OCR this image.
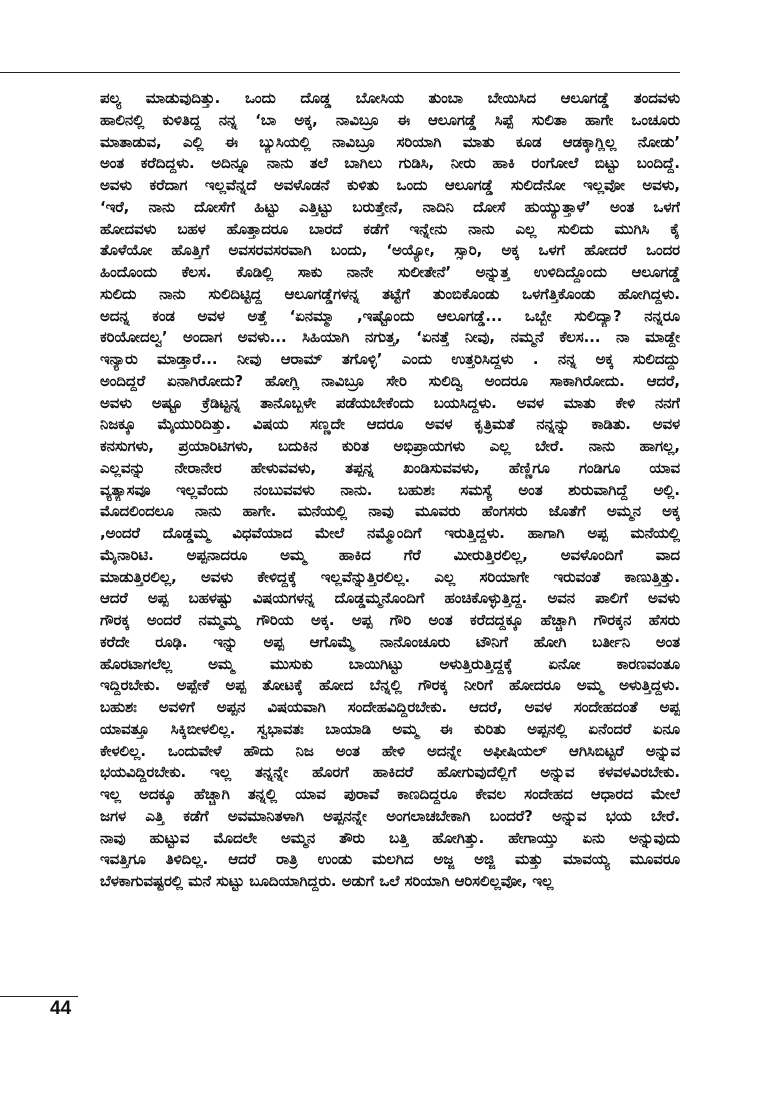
ಪಲ್ಯ ಮಾಡುವುದಿತ್ತು. ಒಂದು ದೊಡ್ಡ ಬೋಸಿಯ ತುಂಬಾ ಬೇಯಿಸಿದ ಆಲೂಗಡ್ಡೆ ತಂದವಳು
ಹಾಲಿನಲ್ಲಿ ಕುಳಿತಿದ್ದ ನನ್ನ ‘ಬಾ ಅಕ್ಕ, ನಾವಿಬ್ರೂ ಈ ಆಲೂಗಡ್ಡೆ ಸಿಪ್ಪೆ ಸುಲಿತಾ ಹಾಗೇ ಒಂಚೂರು
ಮಾತಾಡುವ, ಎಲ್ಲಿ ಈ ಬ್ಯುಸಿಯಲ್ಲಿ ನಾವಿಬ್ರೂ ಸರಿಯಾಗಿ ಮಾತು ಕೂಡ ಆಡಕ್ಕಾಗ್ಲಿಲ್ಲ ನೋಡು’
ಅಂತ ಕರೆದಿದ್ದಳು. ಅದಿನ್ನೂ ನಾನು ತಲೆ ಬಾಗಿಲು ಗುಡಿಸಿ, ನೀರು ಹಾಕಿ ರಂಗೋಲೆ ಬಿಟ್ಟು ಬಂದಿದ್ದೆ.
ಅವಳು ಕರೆದಾಗ ಇಲ್ಲವೆನ್ನದೆ ಅವಳೊಡನೆ ಕುಳಿತು ಒಂದು ಆಲೂಗಡ್ಡೆ ಸುಲಿದೆನೋ ಇಲ್ಲವೋ ಅವಳು,
‘ಇರೆ, ನಾನು ದೋಸೆಗೆ ಹಿಟ್ಟು ಎತ್ತಿಟ್ಟು ಬರುತ್ತೇನೆ, ನಾದಿನಿ ದೋಸೆ ಹುಯ್ಯುತ್ತಾಳೆ’ ಅಂತ ಒಳಗೆ
ಹೋದವಳು ಬಹಳ ಹೊತ್ತಾದರೂ ಬಾರದೆ ಕಡೆಗೆ ಇನ್ನೇನು ನಾನು ಎಲ್ಲ ಸುಲಿದು ಮುಗಿಸಿ ಕೈ
ತೊಳೆಯೋ ಹೊತ್ತಿಗೆ ಅವಸರವಸರವಾಗಿ ಬಂದು, ‘ಅಯ್ಯೋ, ಸ್ಸಾರಿ, ಅಕ್ಕ ಒಳಗೆ ಹೋದರೆ ಒಂದರ
ಹಿಂದೊಂದು ಕೆಲಸ. ಕೊಡಿಲ್ಲಿ ಸಾಕು ನಾನೇ ಸುಲೀತೇನೆ’ ಅನ್ನುತ್ತ ಉಳಿದಿದ್ದೊಂದು ಆಲೂಗಡ್ಡೆ
ಸುಲಿದು ನಾನು ಸುಲಿದಿಟ್ಟಿದ್ದ ಆಲೂಗಡ್ಡೆಗಳನ್ನ ತಟ್ಟೆಗೆ ತುಂಬಿಕೊಂಡು ಒಳಗೆತ್ತಿಕೊಂಡು ಹೋಗಿದ್ದಳು.
ಅದನ್ನ ಕಂಡ ಅವಳ ಅತ್ತೆ ‘ಏನಮ್ಮಾ ,ಇಷ್ಟೊಂದು ಆಲೂಗಡ್ಡೆ... ಒಬ್ಬೇ ಸುಲಿದ್ಯಾ? ನನ್ನರೂ
ಕರಿಯೋದಲ್ವ’ ಅಂದಾಗ ಅವಳು... ಸಿಹಿಯಾಗಿ ನಗುತ್ತ, ‘ಏನತ್ತೆ ನೀವು, ನಮ್ಮನೆ ಕೆಲಸ... ನಾ ಮಾಡ್ದೇ
ಇನ್ಯಾರು ಮಾಡ್ತಾರೆ... ನೀವು ಆರಾಮ್ ತಗೊಳ್ಳಿ’ ಎಂದು ಉತ್ತರಿಸಿದ್ದಳು . ನನ್ನ ಅಕ್ಕ ಸುಲಿದದ್ದು
ಅಂದಿದ್ದರೆ ಏನಾಗಿರೋದು? ಹೋಗ್ಲಿ ನಾವಿಬ್ರೂ ಸೇರಿ ಸುಲಿದ್ವಿ ಅಂದರೂ ಸಾಕಾಗಿರೋದು. ಆದರೆ,
ಅವಳು ಅಷ್ಟೂ ಕ್ರೆಡಿಟ್ಟನ್ನ ತಾನೊಬ್ಬಳೇ ಪಡೆಯಬೇಕೆಂದು ಬಯಸಿದ್ದಳು. ಅವಳ ಮಾತು ಕೇಳಿ ನನಗೆ
ನಿಜಕ್ಕೂ ಮೈಯುರಿದಿತ್ತು. ವಿಷಯ ಸಣ್ಣದೇ ಆದರೂ ಅವಳ ಕೃತ್ರಿಮತೆ ನನ್ನನ್ನು ಕಾಡಿತು. ಅವಳ
ಕನಸುಗಳು, ಪ್ರಯಾರಿಟಿಗಳು, ಬದುಕಿನ ಕುರಿತ ಅಭಿಪ್ರಾಯಗಳು ಎಲ್ಲ ಬೇರೆ. ನಾನು ಹಾಗಲ್ಲ,
ಎಲ್ಲವನ್ನು ನೇರಾನೇರ ಹೇಳುವವಳು, ತಪ್ಪನ್ನ ಖಂಡಿಸುವವಳು, ಹೆಣ್ಣಿಗೂ ಗಂಡಿಗೂ ಯಾವ
ವ್ಯತ್ಯಾಸವೂ ಇಲ್ಲವೆಂದು ನಂಬುವವಳು ನಾನು. ಬಹುಶಃ ಸಮಸ್ಯೆ ಅಂತ ಶುರುವಾಗಿದ್ದೆ ಅಲ್ಲಿ.
ಮೊದಲಿಂದಲೂ ನಾನು ಹಾಗೇ. ಮನೆಯಲ್ಲಿ ನಾವು ಮೂವರು ಹೆಂಗಸರು ಜೊತೆಗೆ ಅಮ್ಮನ ಅಕ್ಕ
,ಅಂದರೆ ದೊಡ್ಡಮ್ಮ ವಿಧವೆಯಾದ ಮೇಲೆ ನಮ್ಮೊಂದಿಗೆ ಇರುತ್ತಿದ್ದಳು. ಹಾಗಾಗಿ ಅಪ್ಪ ಮನೆಯಲ್ಲಿ
ಮೈನಾರಿಟಿ. ಅಪ್ಪನಾದರೂ ಅಮ್ಮ ಹಾಕಿದ ಗೆರೆ ಮೀರುತ್ತಿರಲಿಲ್ಲ, ಅವಳೊಂದಿಗೆ ವಾದ
ಮಾಡುತ್ತಿರಲಿಲ್ಲ, ಅವಳು ಕೇಳಿದ್ದಕ್ಕೆ ಇಲ್ಲವೆನ್ನುತ್ತಿರಲಿಲ್ಲ. ಎಲ್ಲ ಸರಿಯಾಗೇ ಇರುವಂತೆ ಕಾಣುತ್ತಿತ್ತು.
ಆದರೆ ಅಪ್ಪ ಬಹಳಷ್ಟು ವಿಷಯಗಳನ್ನ ದೊಡ್ಡಮ್ಮನೊಂದಿಗೆ ಹಂಚಿಕೊಳ್ಳುತ್ತಿದ್ದ. ಅವನ ಪಾಲಿಗೆ ಅವಳು
ಗೌರಕ್ಕ ಅಂದರೆ ನಮ್ಮಮ್ಮ ಗೌರಿಯ ಅಕ್ಕ. ಅಪ್ಪ ಗೌರಿ ಅಂತ ಕರೆದದ್ದಕ್ಕೂ ಹೆಚ್ಚಾಗಿ ಗೌರಕ್ಕನ ಹೆಸರು
ಕರೆದೇ ರೂಢಿ. ಇನ್ನು ಅಪ್ಪ ಆಗೊಮ್ಮೆ ನಾನೊಂಚೂರು ಟೌನಿಗೆ ಹೋಗಿ ಬರ್ತೀನಿ ಅಂತ
ಹೊರಟಾಗಲೆಲ್ಲ ಅಮ್ಮ ಮುಸುಕು ಬಾಯಿಗಿಟ್ಟು ಅಳುತ್ತಿರುತ್ತಿದ್ದಕ್ಕೆ ಏನೋ ಕಾರಣವಂತೂ
ಇದ್ದಿರಬೇಕು. ಅಪ್ಪೇಕೆ ಅಪ್ಪ ತೋಟಕ್ಕೆ ಹೋದ ಬೆನ್ನಲ್ಲಿ ಗೌರಕ್ಕ ನೀರಿಗೆ ಹೋದರೂ ಅಮ್ಮ ಅಳುತ್ತಿದ್ದಳು.
ಬಹುಶಃ ಅವಳಿಗೆ ಅಪ್ಪನ ವಿಷಯವಾಗಿ ಸಂದೇಹವಿದ್ದಿರಬೇಕು. ಆದರೆ, ಅವಳ ಸಂದೇಹದಂತೆ ಅಪ್ಪ
ಯಾವತ್ತೂ ಸಿಕ್ಕಿಬೀಳಲಿಲ್ಲ. ಸ್ವಭಾವತಃ ಬಾಯಾಡಿ ಅಮ್ಮ ಈ ಕುರಿತು ಅಪ್ಪನಲ್ಲಿ ಏನೆಂದರೆ ಏನೂ
ಕೇಳಲಿಲ್ಲ. ಒಂದುವೇಳೆ ಹೌದು ನಿಜ ಅಂತ ಹೇಳಿ ಅದನ್ನೇ ಅಫೀಷಿಯಲ್ ಆಗಿಸಿಬಿಟ್ಟರೆ ಅನ್ನುವ
ಭಯವಿದ್ದಿರಬೇಕು. ಇಲ್ಲ ತನ್ನನ್ನೇ ಹೊರಗೆ ಹಾಕಿದರೆ ಹೋಗುವುದೆಲ್ಲಿಗೆ ಅನ್ನುವ ಕಳವಳವಿರಬೇಕು.
ಇಲ್ಲ ಅದಕ್ಕೂ ಹೆಚ್ಚಾಗಿ ತನ್ನಲ್ಲಿ ಯಾವ ಪುರಾವೆ ಕಾಣದಿದ್ದರೂ ಕೇವಲ ಸಂದೇಹದ ಆಧಾರದ ಮೇಲೆ
ಜಗಳ ಎತ್ತಿ ಕಡೆಗೆ ಅವಮಾನಿತಳಾಗಿ ಅಪ್ಪನನ್ನೇ ಅಂಗಲಾಚಬೇಕಾಗಿ ಬಂದರೆ? ಅನ್ನುವ ಭಯ ಬೇರೆ.
ನಾವು ಹುಟ್ಟುವ ಮೊದಲೇ ಅಮ್ಮನ ತೌರು ಬತ್ತಿ ಹೋಗಿತ್ತು. ಹೇಗಾಯ್ತು ಏನು ಅನ್ನುವುದು
ಇವತ್ತಿಗೂ ತಿಳಿದಿಲ್ಲ. ಆದರೆ ರಾತ್ರಿ ಉಂಡು ಮಲಗಿದ ಅಜ್ಜ ಅಜ್ಜಿ ಮತ್ತು ಮಾವಯ್ಯ ಮೂವರೂ
ಬೆಳಕಾಗುವಷ್ಟರಲ್ಲಿ ಮನೆ ಸುಟ್ಟು ಬೂದಿಯಾಗಿದ್ದರು. ಅಡುಗೆ ಒಲೆ ಸರಿಯಾಗಿ ಆರಿಸಲಿಲ್ಲವೋ, ಇಲ್ಲ
44
